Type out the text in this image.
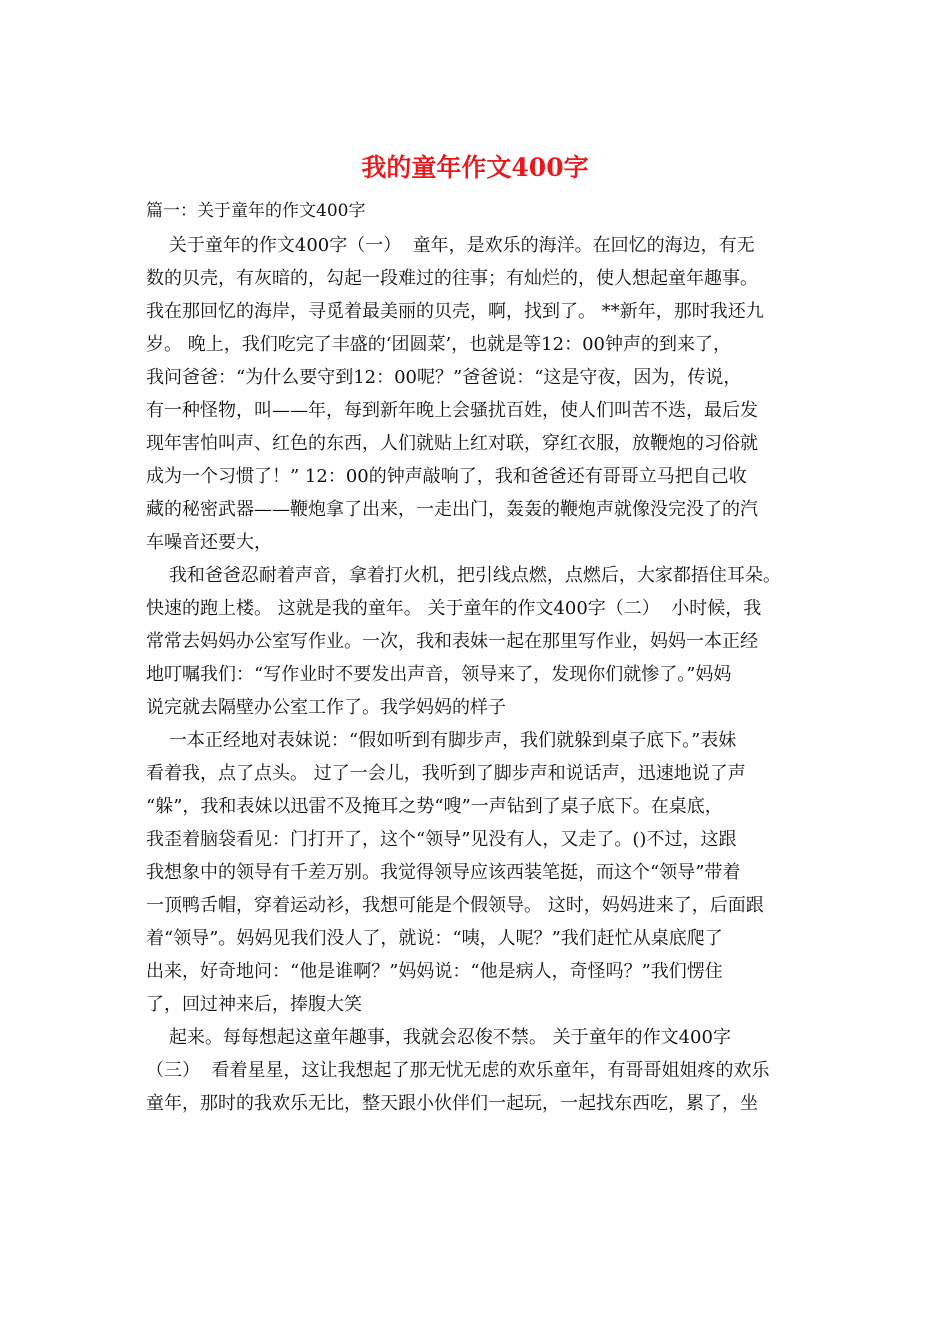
我的童年作文400字
篇一：关于童年的作文400字
关于童年的作文400字（一）  童年，是欢乐的海洋。在回忆的海边，有无
数的贝壳，有灰暗的，勾起一段难过的往事；有灿烂的，使人想起童年趣事。
我在那回忆的海岸，寻觅着最美丽的贝壳，啊，找到了。 **新年，那时我还九
岁。 晚上，我们吃完了丰盛的‘团圆菜’，也就是等12：00钟声的到来了，
我问爸爸：“为什么要守到12：00呢？”爸爸说：“这是守夜，因为，传说，
有一种怪物，叫——年，每到新年晚上会骚扰百姓，使人们叫苦不迭，最后发
现年害怕叫声、红色的东西，人们就贴上红对联，穿红衣服，放鞭炮的习俗就
成为一个习惯了！” 12：00的钟声敲响了，我和爸爸还有哥哥立马把自己收
藏的秘密武器——鞭炮拿了出来，一走出门，轰轰的鞭炮声就像没完没了的汽
车噪音还要大，
我和爸爸忍耐着声音，拿着打火机，把引线点燃，点燃后，大家都捂住耳朵。
快速的跑上楼。 这就是我的童年。 关于童年的作文400字（二）  小时候，我
常常去妈妈办公室写作业。一次，我和表妹一起在那里写作业，妈妈一本正经
地叮嘱我们：“写作业时不要发出声音，领导来了，发现你们就惨了。”妈妈
说完就去隔壁办公室工作了。我学妈妈的样子
一本正经地对表妹说：“假如听到有脚步声，我们就躲到桌子底下。”表妹
看着我，点了点头。 过了一会儿，我听到了脚步声和说话声，迅速地说了声
“躲”，我和表妹以迅雷不及掩耳之势“嗖”一声钻到了桌子底下。在桌底，
我歪着脑袋看见：门打开了，这个“领导”见没有人，又走了。()不过，这跟
我想象中的领导有千差万别。我觉得领导应该西装笔挺，而这个“领导”带着
一顶鸭舌帽，穿着运动衫，我想可能是个假领导。 这时，妈妈进来了，后面跟
着“领导”。妈妈见我们没人了，就说：“咦，人呢？”我们赶忙从桌底爬了
出来，好奇地问：“他是谁啊？”妈妈说：“他是病人，奇怪吗？”我们愣住
了，回过神来后，捧腹大笑
起来。每每想起这童年趣事，我就会忍俊不禁。 关于童年的作文400字
（三）  看着星星，这让我想起了那无忧无虑的欢乐童年，有哥哥姐姐疼的欢乐
童年，那时的我欢乐无比，整天跟小伙伴们一起玩，一起找东西吃，累了，坐
